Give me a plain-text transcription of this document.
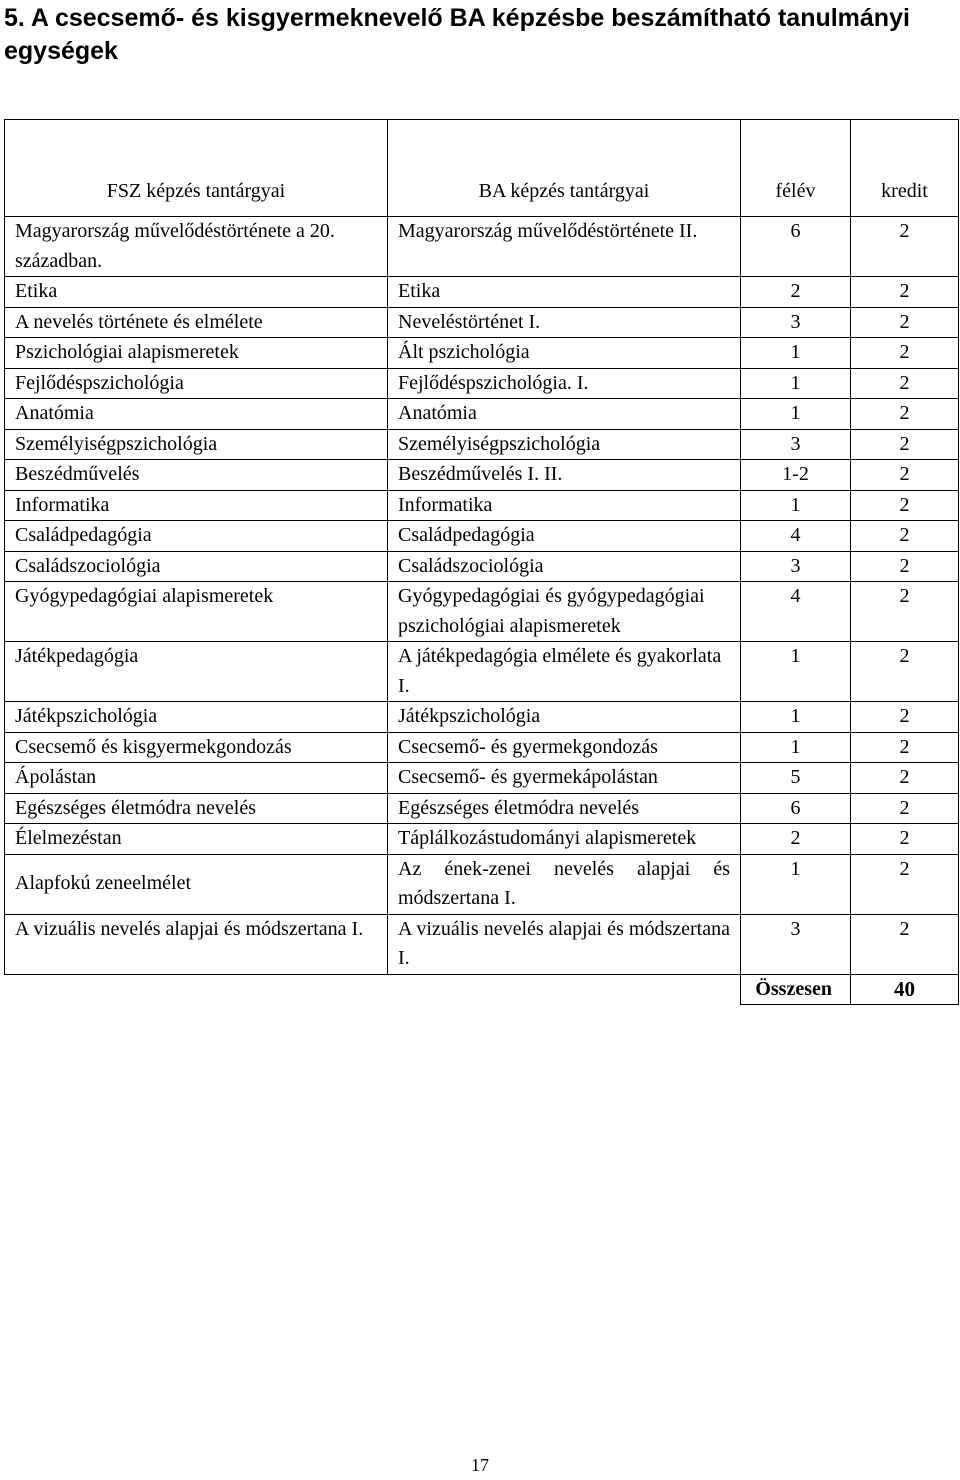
5. A csecsemő- és kisgyermeknevelő BA képzésbe beszámítható tanulmányi egységek
FSZ képzés tantárgyai	BA képzés tantárgyai	félév	kredit
Magyarország művelődéstörténete a 20. században.	Magyarország művelődéstörténete II.	6	2
Etika	Etika	2	2
A nevelés története és elmélete	Neveléstörténet I.	3	2
Pszichológiai alapismeretek	Ált pszichológia	1	2
Fejlődéspszichológia	Fejlődéspszichológia. I.	1	2
Anatómia	Anatómia	1	2
Személyiségpszichológia	Személyiségpszichológia	3	2
Beszédművelés	Beszédművelés I. II.	1-2	2
Informatika	Informatika	1	2
Családpedagógia	Családpedagógia	4	2
Családszociológia	Családszociológia	3	2
Gyógypedagógiai alapismeretek	Gyógypedagógiai és gyógypedagógiai pszichológiai alapismeretek	4	2
Játékpedagógia	A játékpedagógia elmélete és gyakorlata I.	1	2
Játékpszichológia	Játékpszichológia	1	2
Csecsemő és kisgyermekgondozás	Csecsemő- és gyermekgondozás	1	2
Ápolástan	Csecsemő- és gyermekápolástan	5	2
Egészséges életmódra nevelés	Egészséges életmódra nevelés	6	2
Élelmezéstan	Táplálkozástudományi alapismeretek	2	2
Alapfokú zeneelmélet	Az ének-zenei nevelés alapjai és módszertana I.	1	2
A vizuális nevelés alapjai és módszertana I.	A vizuális nevelés alapjai és módszertana I.	3	2
		Összesen	40
17
